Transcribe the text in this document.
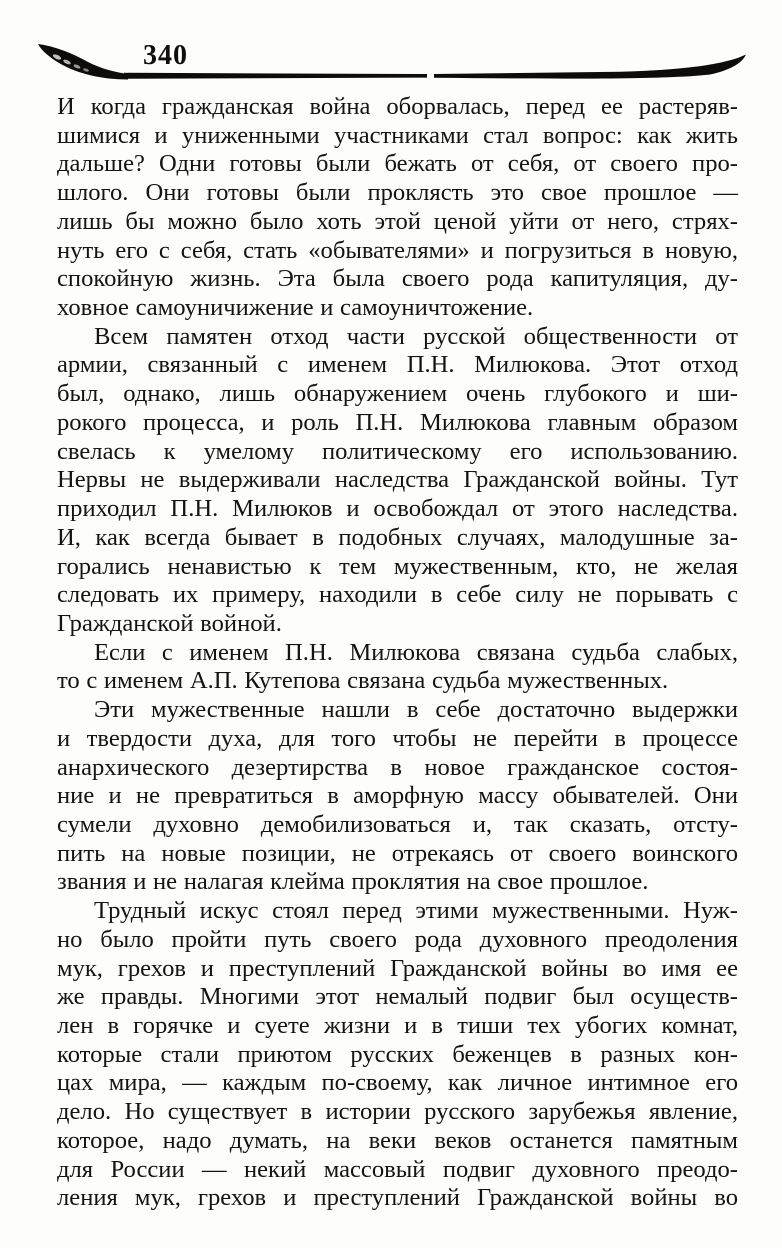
340
И когда гражданская война оборвалась, перед ее растеряв-
шимися и униженными участниками стал вопрос: как жить
дальше? Одни готовы были бежать от себя, от своего про-
шлого. Они готовы были проклясть это свое прошлое —
лишь бы можно было хоть этой ценой уйти от него, стрях-
нуть его с себя, стать «обывателями» и погрузиться в новую,
спокойную жизнь. Эта была своего рода капитуляция, ду-
ховное самоуничижение и самоуничтожение.
Всем памятен отход части русской общественности от
армии, связанный с именем П.Н. Милюкова. Этот отход
был, однако, лишь обнаружением очень глубокого и ши-
рокого процесса, и роль П.Н. Милюкова главным образом
свелась к умелому политическому его использованию.
Нервы не выдерживали наследства Гражданской войны. Тут
приходил П.Н. Милюков и освобождал от этого наследства.
И, как всегда бывает в подобных случаях, малодушные за-
горались ненавистью к тем мужественным, кто, не желая
следовать их примеру, находили в себе силу не порывать с
Гражданской войной.
Если с именем П.Н. Милюкова связана судьба слабых,
то с именем А.П. Кутепова связана судьба мужественных.
Эти мужественные нашли в себе достаточно выдержки
и твердости духа, для того чтобы не перейти в процессе
анархического дезертирства в новое гражданское состоя-
ние и не превратиться в аморфную массу обывателей. Они
сумели духовно демобилизоваться и, так сказать, отсту-
пить на новые позиции, не отрекаясь от своего воинского
звания и не налагая клейма проклятия на свое прошлое.
Трудный искус стоял перед этими мужественными. Нуж-
но было пройти путь своего рода духовного преодоления
мук, грехов и преступлений Гражданской войны во имя ее
же правды. Многими этот немалый подвиг был осуществ-
лен в горячке и суете жизни и в тиши тех убогих комнат,
которые стали приютом русских беженцев в разных кон-
цах мира, — каждым по-своему, как личное интимное его
дело. Но существует в истории русского зарубежья явление,
которое, надо думать, на веки веков останется памятным
для России — некий массовый подвиг духовного преодо-
ления мук, грехов и преступлений Гражданской войны во
